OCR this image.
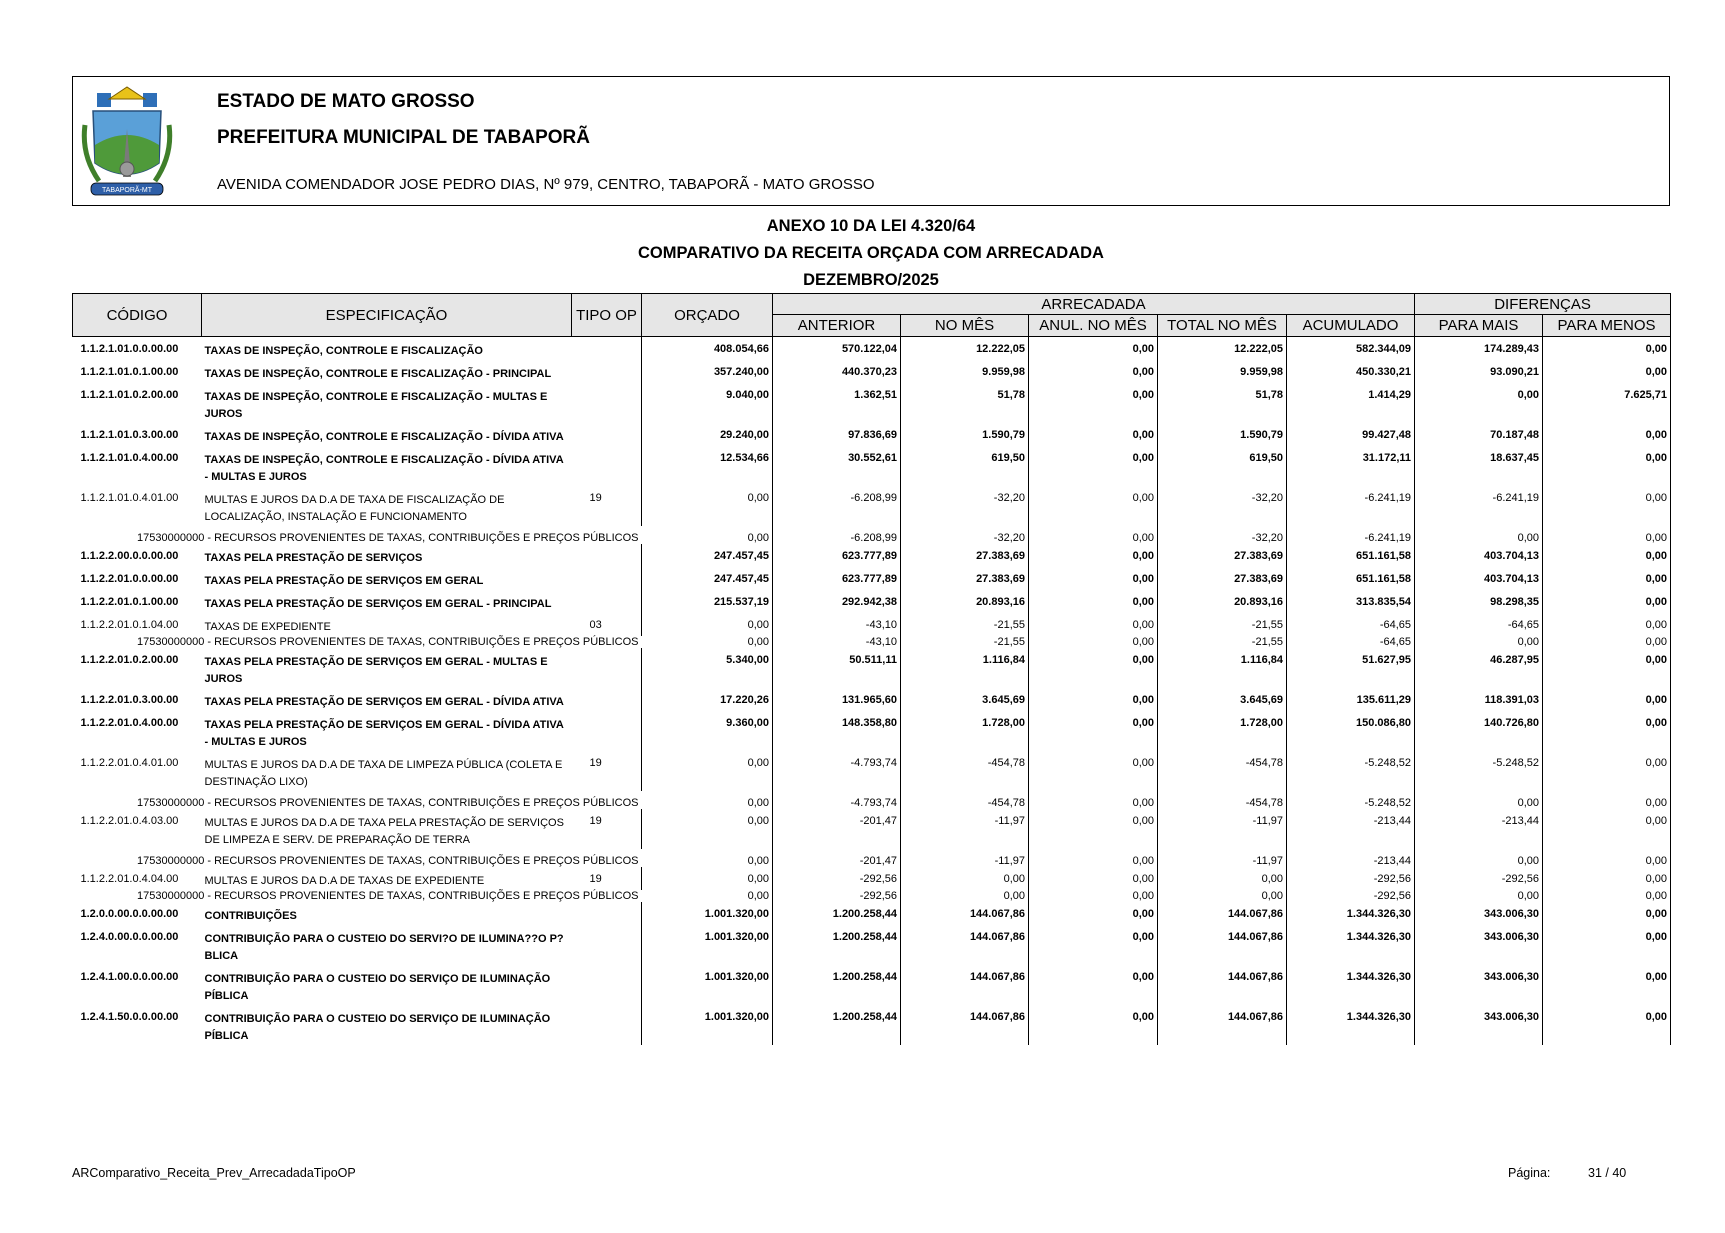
TABAPORÃ-MT
ESTADO DE MATO GROSSO
PREFEITURA MUNICIPAL DE TABAPORÃ
AVENIDA COMENDADOR JOSE PEDRO DIAS, Nº 979, CENTRO, TABAPORÃ - MATO GROSSO
ANEXO 10 DA LEI 4.320/64
COMPARATIVO DA RECEITA ORÇADA COM ARRECADADA
DEZEMBRO/2025
CÓDIGO	ESPECIFICAÇÃO	TIPO OP	ORÇADO	ARRECADADA					DIFERENÇAS	
				ANTERIOR	NO MÊS	ANUL. NO MÊS	TOTAL NO MÊS	ACUMULADO	PARA MAIS	PARA MENOS
1.1.2.1.01.0.0.00.00	TAXAS DE INSPEÇÃO, CONTROLE E FISCALIZAÇÃO		408.054,66	570.122,04	12.222,05	0,00	12.222,05	582.344,09	174.289,43	0,00
1.1.2.1.01.0.1.00.00	TAXAS DE INSPEÇÃO, CONTROLE E FISCALIZAÇÃO - PRINCIPAL		357.240,00	440.370,23	9.959,98	0,00	9.959,98	450.330,21	93.090,21	0,00
1.1.2.1.01.0.2.00.00	TAXAS DE INSPEÇÃO, CONTROLE E FISCALIZAÇÃO - MULTAS E JUROS		9.040,00	1.362,51	51,78	0,00	51,78	1.414,29	0,00	7.625,71
1.1.2.1.01.0.3.00.00	TAXAS DE INSPEÇÃO, CONTROLE E FISCALIZAÇÃO - DÍVIDA ATIVA		29.240,00	97.836,69	1.590,79	0,00	1.590,79	99.427,48	70.187,48	0,00
1.1.2.1.01.0.4.00.00	TAXAS DE INSPEÇÃO, CONTROLE E FISCALIZAÇÃO - DÍVIDA ATIVA - MULTAS E JUROS		12.534,66	30.552,61	619,50	0,00	619,50	31.172,11	18.637,45	0,00
1.1.2.1.01.0.4.01.00	MULTAS E JUROS DA D.A DE TAXA DE FISCALIZAÇÃO DE LOCALIZAÇÃO, INSTALAÇÃO E FUNCIONAMENTO	19	0,00	-6.208,99	-32,20	0,00	-32,20	-6.241,19	-6.241,19	0,00
17530000000 - RECURSOS PROVENIENTES DE TAXAS, CONTRIBUIÇÕES E PREÇOS PÚBLICOS			0,00	-6.208,99	-32,20	0,00	-32,20	-6.241,19	0,00	0,00
1.1.2.2.00.0.0.00.00	TAXAS PELA PRESTAÇÃO DE SERVIÇOS		247.457,45	623.777,89	27.383,69	0,00	27.383,69	651.161,58	403.704,13	0,00
1.1.2.2.01.0.0.00.00	TAXAS PELA PRESTAÇÃO DE SERVIÇOS EM GERAL		247.457,45	623.777,89	27.383,69	0,00	27.383,69	651.161,58	403.704,13	0,00
1.1.2.2.01.0.1.00.00	TAXAS PELA PRESTAÇÃO DE SERVIÇOS EM GERAL - PRINCIPAL		215.537,19	292.942,38	20.893,16	0,00	20.893,16	313.835,54	98.298,35	0,00
1.1.2.2.01.0.1.04.00	TAXAS DE EXPEDIENTE	03	0,00	-43,10	-21,55	0,00	-21,55	-64,65	-64,65	0,00
17530000000 - RECURSOS PROVENIENTES DE TAXAS, CONTRIBUIÇÕES E PREÇOS PÚBLICOS			0,00	-43,10	-21,55	0,00	-21,55	-64,65	0,00	0,00
1.1.2.2.01.0.2.00.00	TAXAS PELA PRESTAÇÃO DE SERVIÇOS EM GERAL - MULTAS E JUROS		5.340,00	50.511,11	1.116,84	0,00	1.116,84	51.627,95	46.287,95	0,00
1.1.2.2.01.0.3.00.00	TAXAS PELA PRESTAÇÃO DE SERVIÇOS EM GERAL - DÍVIDA ATIVA		17.220,26	131.965,60	3.645,69	0,00	3.645,69	135.611,29	118.391,03	0,00
1.1.2.2.01.0.4.00.00	TAXAS PELA PRESTAÇÃO DE SERVIÇOS EM GERAL - DÍVIDA ATIVA - MULTAS E JUROS		9.360,00	148.358,80	1.728,00	0,00	1.728,00	150.086,80	140.726,80	0,00
1.1.2.2.01.0.4.01.00	MULTAS E JUROS DA D.A DE TAXA DE LIMPEZA PÚBLICA (COLETA E DESTINAÇÃO LIXO)	19	0,00	-4.793,74	-454,78	0,00	-454,78	-5.248,52	-5.248,52	0,00
17530000000 - RECURSOS PROVENIENTES DE TAXAS, CONTRIBUIÇÕES E PREÇOS PÚBLICOS			0,00	-4.793,74	-454,78	0,00	-454,78	-5.248,52	0,00	0,00
1.1.2.2.01.0.4.03.00	MULTAS E JUROS DA D.A DE TAXA PELA PRESTAÇÃO DE SERVIÇOS DE LIMPEZA E SERV. DE PREPARAÇÃO DE TERRA	19	0,00	-201,47	-11,97	0,00	-11,97	-213,44	-213,44	0,00
17530000000 - RECURSOS PROVENIENTES DE TAXAS, CONTRIBUIÇÕES E PREÇOS PÚBLICOS			0,00	-201,47	-11,97	0,00	-11,97	-213,44	0,00	0,00
1.1.2.2.01.0.4.04.00	MULTAS E JUROS DA D.A DE TAXAS DE EXPEDIENTE	19	0,00	-292,56	0,00	0,00	0,00	-292,56	-292,56	0,00
17530000000 - RECURSOS PROVENIENTES DE TAXAS, CONTRIBUIÇÕES E PREÇOS PÚBLICOS			0,00	-292,56	0,00	0,00	0,00	-292,56	0,00	0,00
1.2.0.0.00.0.0.00.00	CONTRIBUIÇÕES		1.001.320,00	1.200.258,44	144.067,86	0,00	144.067,86	1.344.326,30	343.006,30	0,00
1.2.4.0.00.0.0.00.00	CONTRIBUIÇÃO PARA O CUSTEIO DO SERVI?O DE ILUMINA??O P?BLICA		1.001.320,00	1.200.258,44	144.067,86	0,00	144.067,86	1.344.326,30	343.006,30	0,00
1.2.4.1.00.0.0.00.00	CONTRIBUIÇÃO PARA O CUSTEIO DO SERVIÇO DE ILUMINAÇÃO PÍBLICA		1.001.320,00	1.200.258,44	144.067,86	0,00	144.067,86	1.344.326,30	343.006,30	0,00
1.2.4.1.50.0.0.00.00	CONTRIBUIÇÃO PARA O CUSTEIO DO SERVIÇO DE ILUMINAÇÃO PÍBLICA		1.001.320,00	1.200.258,44	144.067,86	0,00	144.067,86	1.344.326,30	343.006,30	0,00
ARComparativo_Receita_Prev_ArrecadadaTipoOP	Página:	31 / 40
